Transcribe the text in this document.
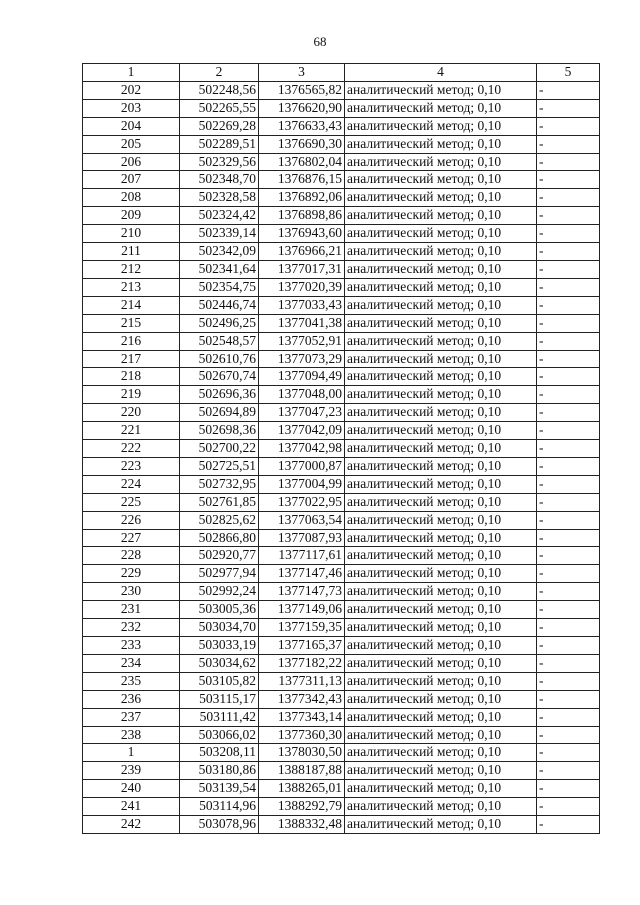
68
1	2	3	4	5
202	502248,56	1376565,82	аналитический метод; 0,10	-
203	502265,55	1376620,90	аналитический метод; 0,10	-
204	502269,28	1376633,43	аналитический метод; 0,10	-
205	502289,51	1376690,30	аналитический метод; 0,10	-
206	502329,56	1376802,04	аналитический метод; 0,10	-
207	502348,70	1376876,15	аналитический метод; 0,10	-
208	502328,58	1376892,06	аналитический метод; 0,10	-
209	502324,42	1376898,86	аналитический метод; 0,10	-
210	502339,14	1376943,60	аналитический метод; 0,10	-
211	502342,09	1376966,21	аналитический метод; 0,10	-
212	502341,64	1377017,31	аналитический метод; 0,10	-
213	502354,75	1377020,39	аналитический метод; 0,10	-
214	502446,74	1377033,43	аналитический метод; 0,10	-
215	502496,25	1377041,38	аналитический метод; 0,10	-
216	502548,57	1377052,91	аналитический метод; 0,10	-
217	502610,76	1377073,29	аналитический метод; 0,10	-
218	502670,74	1377094,49	аналитический метод; 0,10	-
219	502696,36	1377048,00	аналитический метод; 0,10	-
220	502694,89	1377047,23	аналитический метод; 0,10	-
221	502698,36	1377042,09	аналитический метод; 0,10	-
222	502700,22	1377042,98	аналитический метод; 0,10	-
223	502725,51	1377000,87	аналитический метод; 0,10	-
224	502732,95	1377004,99	аналитический метод; 0,10	-
225	502761,85	1377022,95	аналитический метод; 0,10	-
226	502825,62	1377063,54	аналитический метод; 0,10	-
227	502866,80	1377087,93	аналитический метод; 0,10	-
228	502920,77	1377117,61	аналитический метод; 0,10	-
229	502977,94	1377147,46	аналитический метод; 0,10	-
230	502992,24	1377147,73	аналитический метод; 0,10	-
231	503005,36	1377149,06	аналитический метод; 0,10	-
232	503034,70	1377159,35	аналитический метод; 0,10	-
233	503033,19	1377165,37	аналитический метод; 0,10	-
234	503034,62	1377182,22	аналитический метод; 0,10	-
235	503105,82	1377311,13	аналитический метод; 0,10	-
236	503115,17	1377342,43	аналитический метод; 0,10	-
237	503111,42	1377343,14	аналитический метод; 0,10	-
238	503066,02	1377360,30	аналитический метод; 0,10	-
1	503208,11	1378030,50	аналитический метод; 0,10	-
239	503180,86	1388187,88	аналитический метод; 0,10	-
240	503139,54	1388265,01	аналитический метод; 0,10	-
241	503114,96	1388292,79	аналитический метод; 0,10	-
242	503078,96	1388332,48	аналитический метод; 0,10	-
